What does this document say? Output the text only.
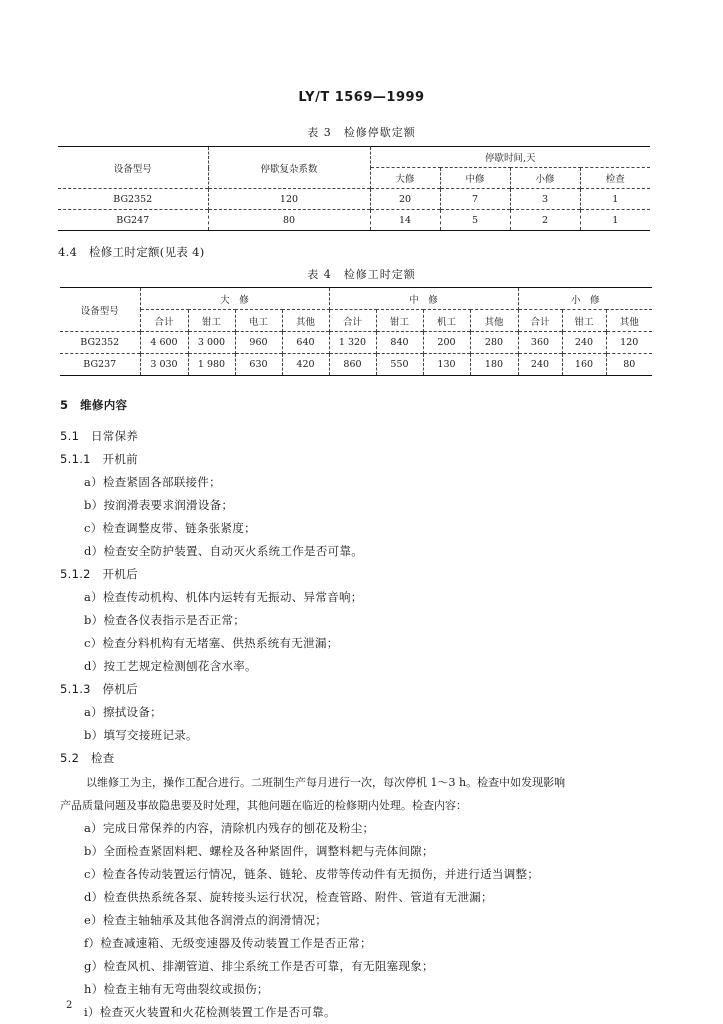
LY/T 1569—1999
表 3　检修停歇定额
设备型号	停歇复杂系数	停歇时间,天			
		大修	中修	小修	检查
BG2352	120	20	7	3	1
BG247	80	14	5	2	1
4.4　检修工时定额(见表 4)
表 4　检修工时定额
设备型号	大　修				中　修				小　修		
	合计	钳工	电工	其他	合计	钳工	机工	其他	合计	钳工	其他
BG2352	4 600	3 000	960	640	1 320	840	200	280	360	240	120
BG237	3 030	1 980	630	420	860	550	130	180	240	160	80
5　维修内容
5.1　日常保养
5.1.1　开机前
a）检查紧固各部联接件；
b）按润滑表要求润滑设备；
c）检查调整皮带、链条张紧度；
d）检查安全防护装置、自动灭火系统工作是否可靠。
5.1.2　开机后
a）检查传动机构、机体内运转有无振动、异常音响；
b）检查各仪表指示是否正常；
c）检查分料机构有无堵塞、供热系统有无泄漏；
d）按工艺规定检测刨花含水率。
5.1.3　停机后
a）擦拭设备；
b）填写交接班记录。
5.2　检查
以维修工为主，操作工配合进行。二班制生产每月进行一次，每次停机 1～3 h。检查中如发现影响
产品质量问题及事故隐患要及时处理，其他问题在临近的检修期内处理。检查内容：
a）完成日常保养的内容，清除机内残存的刨花及粉尘；
b）全面检查紧固料耙、螺栓及各种紧固件，调整料耙与壳体间隙；
c）检查各传动装置运行情况，链条、链轮、皮带等传动件有无损伤，并进行适当调整；
d）检查供热系统各泵、旋转接头运行状况，检查管路、附件、管道有无泄漏；
e）检查主轴轴承及其他各润滑点的润滑情况；
f）检查减速箱、无级变速器及传动装置工作是否正常；
g）检查风机、排潮管道、排尘系统工作是否可靠，有无阻塞现象；
h）检查主轴有无弯曲裂纹或损伤；
i）检查灭火装置和火花检测装置工作是否可靠。
2
